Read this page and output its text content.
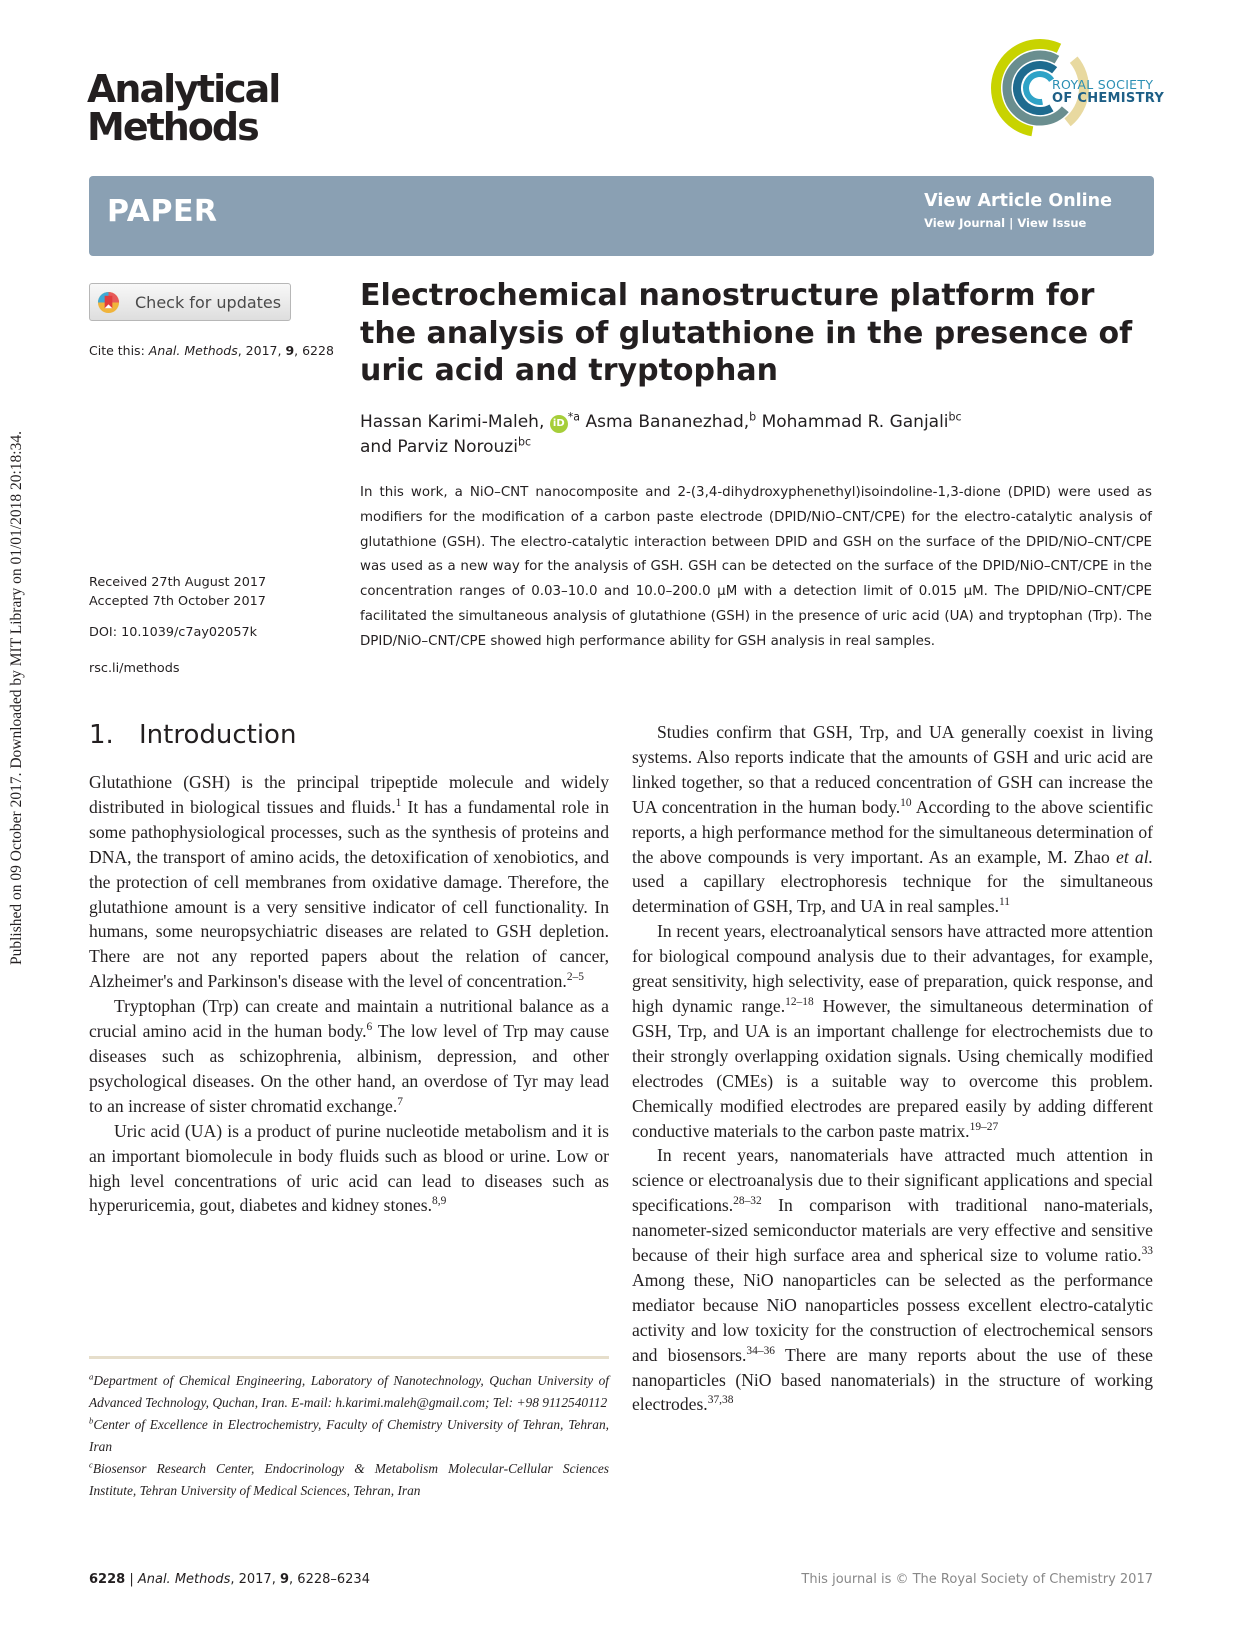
Published on 09 October 2017. Downloaded by MIT Library on 01/01/2018 20:18:34.
Analytical
Methods
ROYAL SOCIETY
OF CHEMISTRY
PAPER	View Article Online
View Journal | View Issue
Check for updates
Cite this: Anal. Methods, 2017, 9, 6228
Electrochemical nanostructure platform for the analysis of glutathione in the presence of uric acid and tryptophan
Hassan Karimi-Maleh, $iD^{*a}$ Asma Bananezhad,$^b$ Mohammad R. Ganjali$^{bc}$
and Parviz Norouzi$^{bc}$
In this work, a NiO–CNT nanocomposite and 2-(3,4-dihydroxyphenethyl)isoindoline-1,3-dione (DPID) were used as modifiers for the modification of a carbon paste electrode (DPID/NiO–CNT/CPE) for the electro-catalytic analysis of glutathione (GSH). The electro-catalytic interaction between DPID and GSH on the surface of the DPID/NiO–CNT/CPE was used as a new way for the analysis of GSH. GSH can be detected on the surface of the DPID/NiO–CNT/CPE in the concentration ranges of 0.03–10.0 and 10.0–200.0 μM with a detection limit of 0.015 μM. The DPID/NiO–CNT/CPE facilitated the simultaneous analysis of glutathione (GSH) in the presence of uric acid (UA) and tryptophan (Trp). The DPID/NiO–CNT/CPE showed high performance ability for GSH analysis in real samples.
Received 27th August 2017
Accepted 7th October 2017
DOI: 10.1039/c7ay02057k
rsc.li/methods
1. Introduction

Glutathione (GSH) is the principal tripeptide molecule and widely distributed in biological tissues and fluids.$^1$ It has a fundamental role in some pathophysiological processes, such as the synthesis of proteins and DNA, the transport of amino acids, the detoxification of xenobiotics, and the protection of cell membranes from oxidative damage. Therefore, the glutathione amount is a very sensitive indicator of cell functionality. In humans, some neuropsychiatric diseases are related to GSH depletion. There are not any reported papers about the relation of cancer, Alzheimer's and Parkinson's disease with the level of concentration.$^{2-5}$

Tryptophan (Trp) can create and maintain a nutritional balance as a crucial amino acid in the human body.$^6$ The low level of Trp may cause diseases such as schizophrenia, albinism, depression, and other psychological diseases. On the other hand, an overdose of Tyr may lead to an increase of sister chromatid exchange.$^7$

Uric acid (UA) is a product of purine nucleotide metabolism and it is an important biomolecule in body fluids such as blood or urine. Low or high level concentrations of uric acid can lead to diseases such as hyperuricemia, gout, diabetes and kidney stones.$^{8,9}$

$^a$Department of Chemical Engineering, Laboratory of Nanotechnology, Quchan University of Advanced Technology, Quchan, Iran. E-mail: h.karimi.maleh@gmail.com; Tel: +98 9112540112

$^b$Center of Excellence in Electrochemistry, Faculty of Chemistry University of Tehran, Tehran, Iran

$^c$Biosensor Research Center, Endocrinology & Metabolism Molecular-Cellular Sciences Institute, Tehran University of Medical Sciences, Tehran, Iran

Studies confirm that GSH, Trp, and UA generally coexist in living systems. Also reports indicate that the amounts of GSH and uric acid are linked together, so that a reduced concentration of GSH can increase the UA concentration in the human body.$^{10}$ According to the above scientific reports, a high performance method for the simultaneous determination of the above compounds is very important. As an example, M. Zhao et al. used a capillary electrophoresis technique for the simultaneous determination of GSH, Trp, and UA in real samples.$^{11}$

In recent years, electroanalytical sensors have attracted more attention for biological compound analysis due to their advantages, for example, great sensitivity, high selectivity, ease of preparation, quick response, and high dynamic range.$^{12-18}$ However, the simultaneous determination of GSH, Trp, and UA is an important challenge for electrochemists due to their strongly overlapping oxidation signals. Using chemically modified electrodes (CMEs) is a suitable way to overcome this problem. Chemically modified electrodes are prepared easily by adding different conductive materials to the carbon paste matrix.$^{19-27}$

In recent years, nanomaterials have attracted much attention in science or electroanalysis due to their significant applications and special specifications.$^{28-32}$ In comparison with traditional nano-materials, nanometer-sized semiconductor materials are very effective and sensitive because of their high surface area and spherical size to volume ratio.$^{33}$ Among these, NiO nanoparticles can be selected as the performance mediator because NiO nanoparticles possess excellent electro-catalytic activity and low toxicity for the construction of electrochemical sensors and biosensors.$^{34-36}$ There are many reports about the use of these nanoparticles (NiO based nanomaterials) in the structure of working electrodes.$^{37,38}$

6228 | Anal. Methods, 2017, 9, 6228–6234	This journal is © The Royal Society of Chemistry 2017
